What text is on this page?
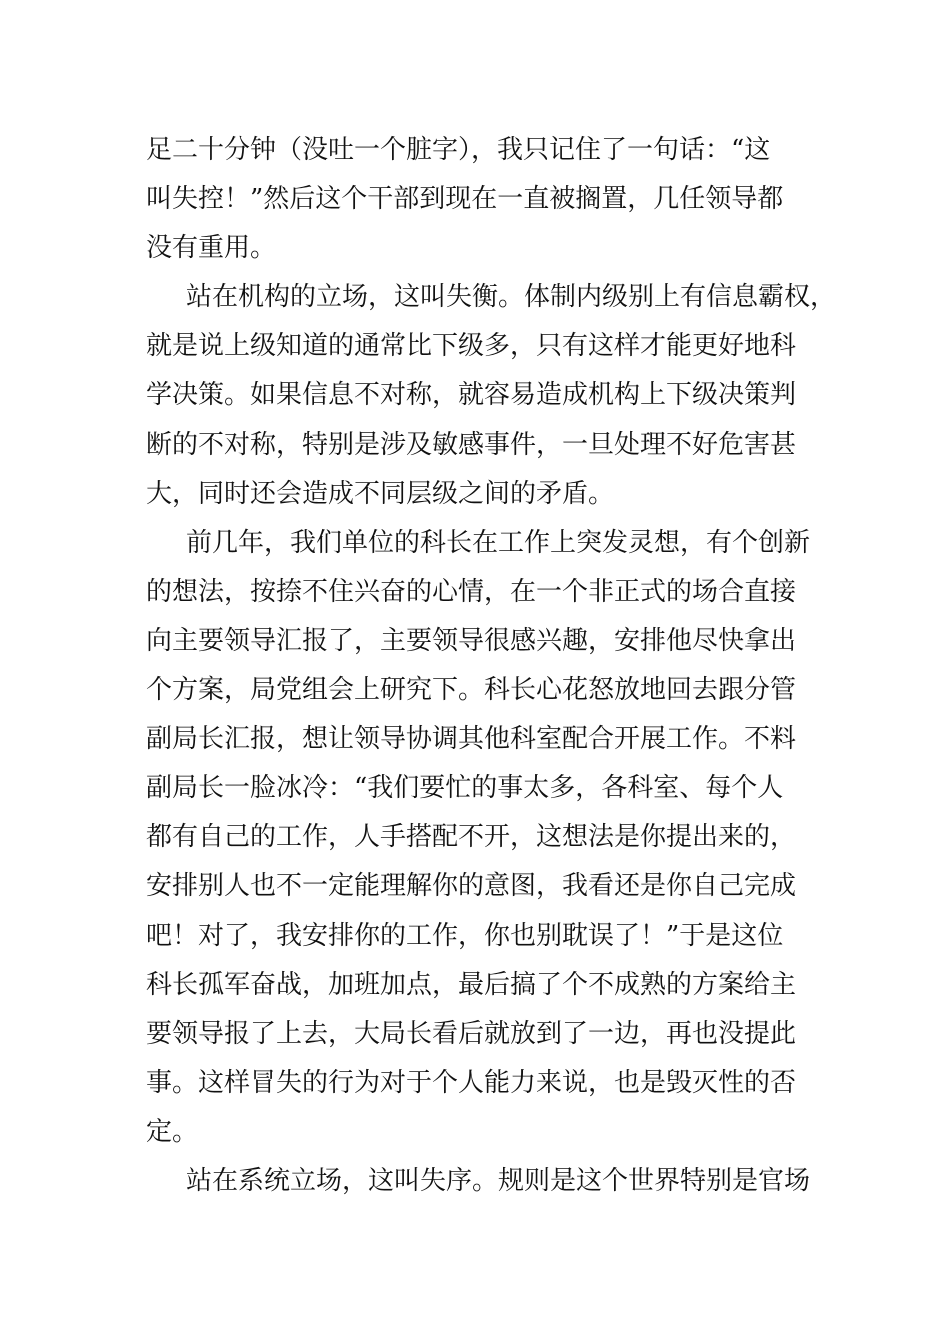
足二十分钟（没吐一个脏字），我只记住了一句话：“这
叫失控！”然后这个干部到现在一直被搁置，几任领导都
没有重用。
站在机构的立场，这叫失衡。体制内级别上有信息霸权，
就是说上级知道的通常比下级多，只有这样才能更好地科
学决策。如果信息不对称，就容易造成机构上下级决策判
断的不对称，特别是涉及敏感事件，一旦处理不好危害甚
大，同时还会造成不同层级之间的矛盾。
前几年，我们单位的科长在工作上突发灵想，有个创新
的想法，按捺不住兴奋的心情，在一个非正式的场合直接
向主要领导汇报了，主要领导很感兴趣，安排他尽快拿出
个方案，局党组会上研究下。科长心花怒放地回去跟分管
副局长汇报，想让领导协调其他科室配合开展工作。不料
副局长一脸冰冷：“我们要忙的事太多，各科室、每个人
都有自己的工作，人手搭配不开，这想法是你提出来的，
安排别人也不一定能理解你的意图，我看还是你自己完成
吧！对了，我安排你的工作，你也别耽误了！”于是这位
科长孤军奋战，加班加点，最后搞了个不成熟的方案给主
要领导报了上去，大局长看后就放到了一边，再也没提此
事。这样冒失的行为对于个人能力来说，也是毁灭性的否
定。
站在系统立场，这叫失序。规则是这个世界特别是官场
